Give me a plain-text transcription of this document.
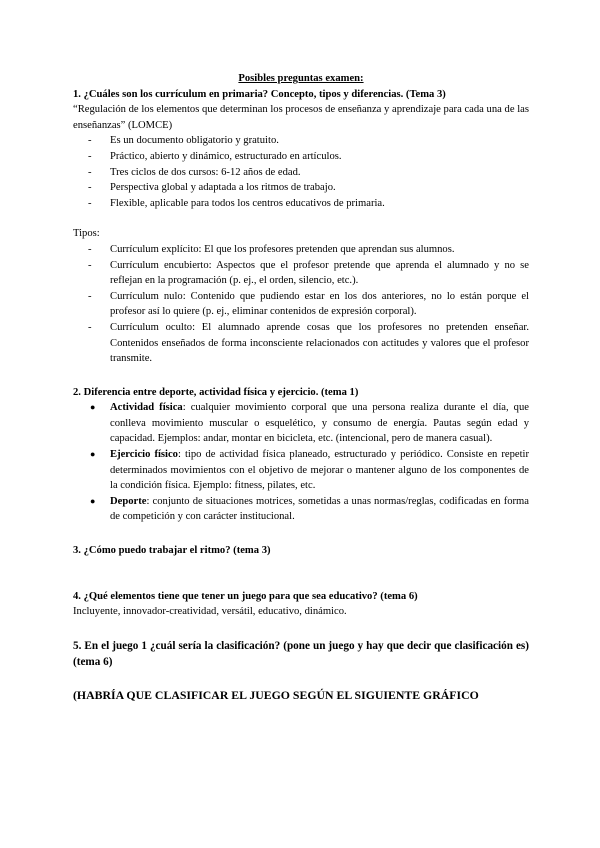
Posibles preguntas examen:

1. ¿Cuáles son los currículum en primaria? Concepto, tipos y diferencias. (Tema 3)

“Regulación de los elementos que determinan los procesos de enseñanza y aprendizaje para cada una de las enseñanzas” (LOMCE)

- Es un documento obligatorio y gratuito.
- Práctico, abierto y dinámico, estructurado en artículos.
- Tres ciclos de dos cursos: 6-12 años de edad.
- Perspectiva global y adaptada a los ritmos de trabajo.
- Flexible, aplicable para todos los centros educativos de primaria.

Tipos:

- Currículum explícito: El que los profesores pretenden que aprendan sus alumnos.
- Currículum encubierto: Aspectos que el profesor pretende que aprenda el alumnado y no se reflejan en la programación (p. ej., el orden, silencio, etc.).
- Currículum nulo: Contenido que pudiendo estar en los dos anteriores, no lo están porque el profesor así lo quiere (p. ej., eliminar contenidos de expresión corporal).
- Currículum oculto: El alumnado aprende cosas que los profesores no pretenden enseñar. Contenidos enseñados de forma inconsciente relacionados con actitudes y valores que el profesor transmite.

2. Diferencia entre deporte, actividad física y ejercicio. (tema 1)

● Actividad física: cualquier movimiento corporal que una persona realiza durante el día, que conlleva movimiento muscular o esquelético, y consumo de energía. Pautas según edad y capacidad. Ejemplos: andar, montar en bicicleta, etc. (intencional, pero de manera casual).
● Ejercicio físico: tipo de actividad física planeado, estructurado y periódico. Consiste en repetir determinados movimientos con el objetivo de mejorar o mantener alguno de los componentes de la condición física. Ejemplo: fitness, pilates, etc.
● Deporte: conjunto de situaciones motrices, sometidas a unas normas/reglas, codificadas en forma de competición y con carácter institucional.

3. ¿Cómo puedo trabajar el ritmo? (tema 3)

4. ¿Qué elementos tiene que tener un juego para que sea educativo? (tema 6)

Incluyente, innovador-creatividad, versátil, educativo, dinámico.

5. En el juego 1 ¿cuál sería la clasificación? (pone un juego y hay que decir que clasificación es) (tema 6)

(HABRÍA QUE CLASIFICAR EL JUEGO SEGÚN EL SIGUIENTE GRÁFICO
